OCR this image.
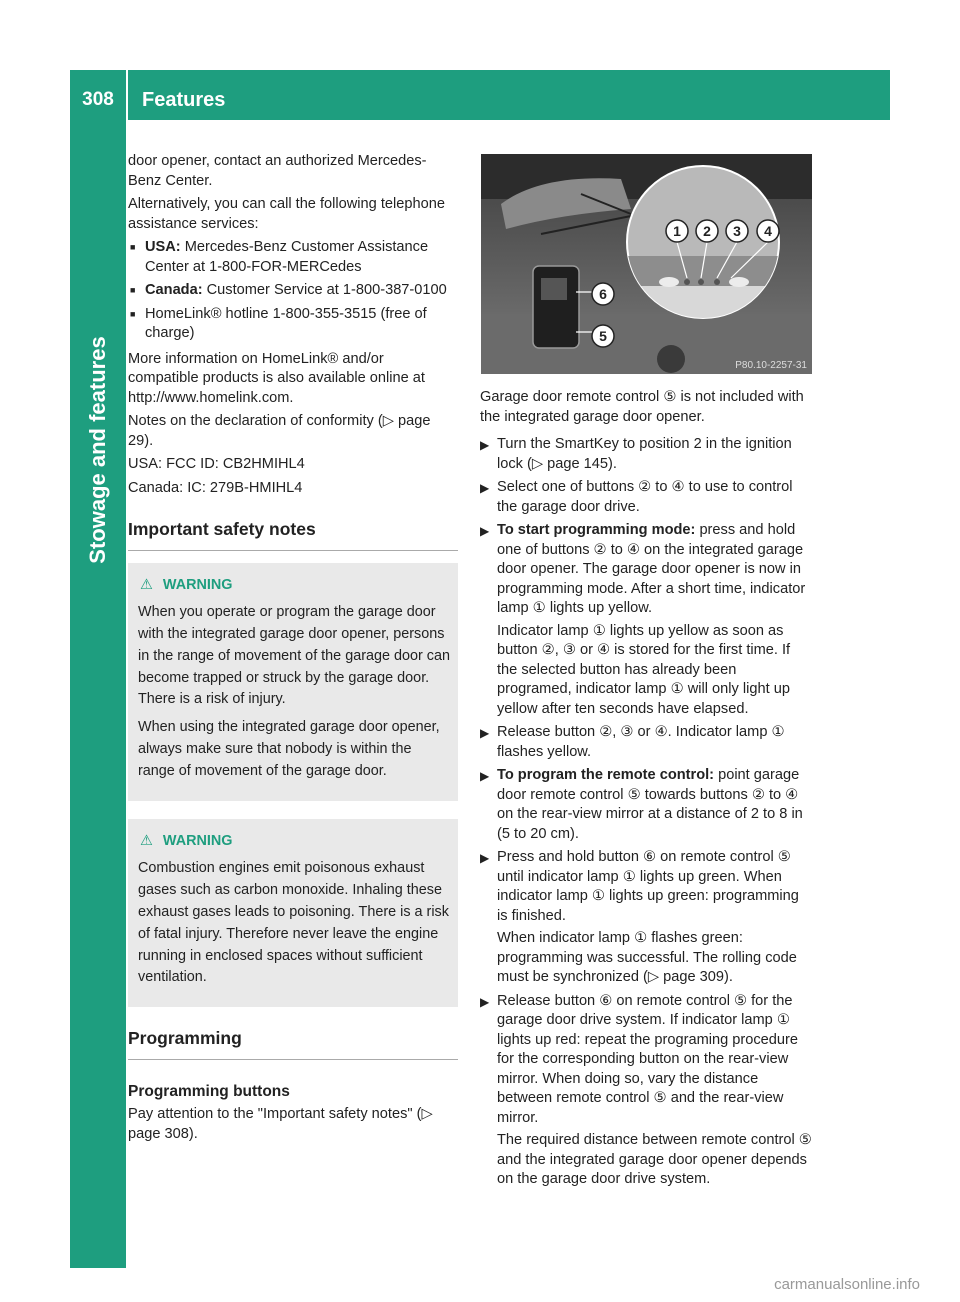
308	Features
Stowage and features

door opener, contact an authorized Mercedes-Benz Center.

Alternatively, you can call the following telephone assistance services:

■ USA: Mercedes-Benz Customer Assistance Center at 1-800-FOR-MERCedes
■ Canada: Customer Service at 1-800-387-0100
■ HomeLink® hotline 1-800-355-3515 (free of charge)

More information on HomeLink® and/or compatible products is also available online at http://www.homelink.com.

Notes on the declaration of conformity (▷ page 29).

USA: FCC ID: CB2HMIHL4

Canada: IC: 279B-HMIHL4

Important safety notes
⚠ WARNING

When you operate or program the garage door with the integrated garage door opener, persons in the range of movement of the garage door can become trapped or struck by the garage door. There is a risk of injury.

When using the integrated garage door opener, always make sure that nobody is within the range of movement of the garage door.

⚠ WARNING

Combustion engines emit poisonous exhaust gases such as carbon monoxide. Inhaling these exhaust gases leads to poisoning. There is a risk of fatal injury. Therefore never leave the engine running in enclosed spaces without sufficient ventilation.

Programming
Programming buttons

Pay attention to the "Important safety notes" (▷ page 308).

1 2 3 4
5
6
P80.10-2257-31

Garage door remote control ⑤ is not included with the integrated garage door opener.

▶ Turn the SmartKey to position 2 in the ignition lock (▷ page 145).

▶ Select one of buttons ② to ④ to use to control the garage door drive.

▶ To start programming mode: press and hold one of buttons ② to ④ on the integrated garage door opener. The garage door opener is now in programming mode. After a short time, indicator lamp ① lights up yellow.

Indicator lamp ① lights up yellow as soon as button ②, ③ or ④ is stored for the first time. If the selected button has already been programed, indicator lamp ① will only light up yellow after ten seconds have elapsed.

▶ Release button ②, ③ or ④. Indicator lamp ① flashes yellow.

▶ To program the remote control: point garage door remote control ⑤ towards buttons ② to ④ on the rear-view mirror at a distance of 2 to 8 in (5 to 20 cm).

▶ Press and hold button ⑥ on remote control ⑤ until indicator lamp ① lights up green. When indicator lamp ① lights up green: programming is finished.

When indicator lamp ① flashes green: programming was successful. The rolling code must be synchronized (▷ page 309).

▶ Release button ⑥ on remote control ⑤ for the garage door drive system. If indicator lamp ① lights up red: repeat the programing procedure for the corresponding button on the rear-view mirror. When doing so, vary the distance between remote control ⑤ and the rear-view mirror.

The required distance between remote control ⑤ and the integrated garage door opener depends on the garage door drive system.

carmanualsonline.info
